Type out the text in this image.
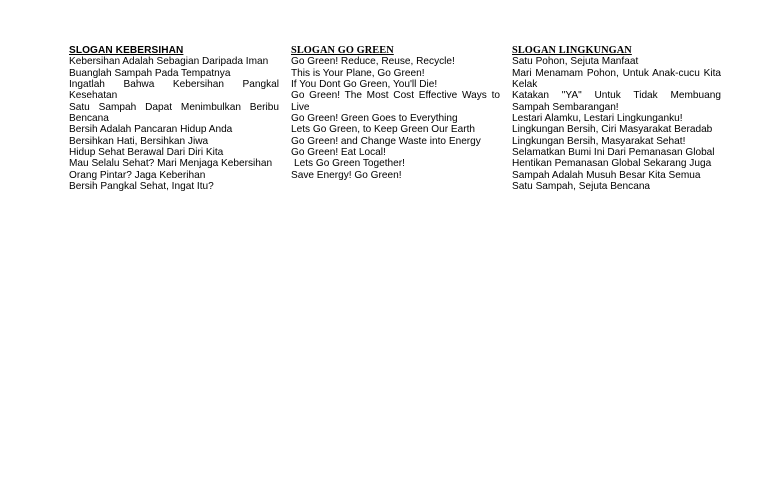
SLOGAN KEBERSIHAN
Kebersihan Adalah Sebagian Daripada Iman
Buanglah Sampah Pada Tempatnya
Ingatlah Bahwa Kebersihan Pangkal Kesehatan
Satu Sampah Dapat Menimbulkan Beribu Bencana
Bersih Adalah Pancaran Hidup Anda
Bersihkan Hati, Bersihkan Jiwa
Hidup Sehat Berawal Dari Diri Kita
Mau Selalu Sehat? Mari Menjaga Kebersihan
Orang Pintar? Jaga Keberihan
Bersih Pangkal Sehat, Ingat Itu?
SLOGAN GO GREEN
Go Green! Reduce, Reuse, Recycle!
This is Your Plane, Go Green!
If You Dont Go Green, You'll Die!
Go Green! The Most Cost Effective Ways to Live
Go Green! Green Goes to Everything
Lets Go Green, to Keep Green Our Earth
Go Green! and Change Waste into Energy
Go Green! Eat Local!
Lets Go Green Together!
Save Energy! Go Green!
SLOGAN LINGKUNGAN
Satu Pohon, Sejuta Manfaat
Mari Menamam Pohon, Untuk Anak-cucu Kita Kelak
Katakan "YA" Untuk Tidak Membuang Sampah Sembarangan!
Lestari Alamku, Lestari Lingkunganku!
Lingkungan Bersih, Ciri Masyarakat Beradab
Lingkungan Bersih, Masyarakat Sehat!
Selamatkan Bumi Ini Dari Pemanasan Global
Hentikan Pemanasan Global Sekarang Juga
Sampah Adalah Musuh Besar Kita Semua
Satu Sampah, Sejuta Bencana
